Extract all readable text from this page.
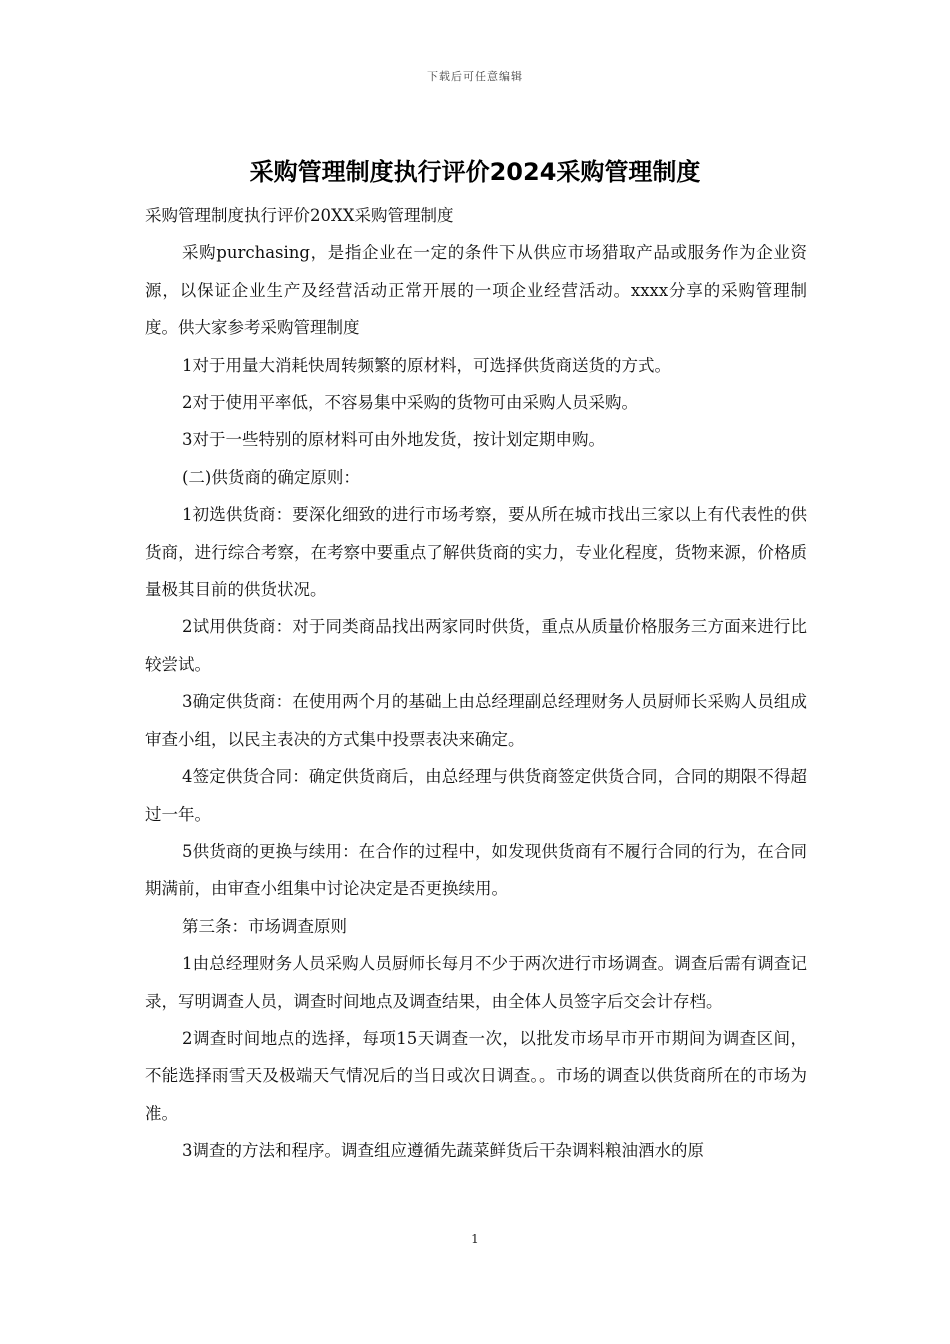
下载后可任意编辑
采购管理制度执行评价2024采购管理制度

采购管理制度执行评价20XX采购管理制度

采购purchasing，是指企业在一定的条件下从供应市场猎取产品或服务作为企业资源，以保证企业生产及经营活动正常开展的一项企业经营活动。xxxx分享的采购管理制度。供大家参考采购管理制度

1对于用量大消耗快周转频繁的原材料，可选择供货商送货的方式。

2对于使用平率低，不容易集中采购的货物可由采购人员采购。

3对于一些特别的原材料可由外地发货，按计划定期申购。

(二)供货商的确定原则：

1初选供货商：要深化细致的进行市场考察，要从所在城市找出三家以上有代表性的供货商，进行综合考察，在考察中要重点了解供货商的实力，专业化程度，货物来源，价格质量极其目前的供货状况。

2试用供货商：对于同类商品找出两家同时供货，重点从质量价格服务三方面来进行比较尝试。

3确定供货商：在使用两个月的基础上由总经理副总经理财务人员厨师长采购人员组成审查小组，以民主表决的方式集中投票表决来确定。

4签定供货合同：确定供货商后，由总经理与供货商签定供货合同，合同的期限不得超过一年。

5供货商的更换与续用：在合作的过程中，如发现供货商有不履行合同的行为，在合同期满前，由审查小组集中讨论决定是否更换续用。

第三条：市场调查原则

1由总经理财务人员采购人员厨师长每月不少于两次进行市场调查。调查后需有调查记录，写明调查人员，调查时间地点及调查结果，由全体人员签字后交会计存档。

2调查时间地点的选择，每项15天调查一次，以批发市场早市开市期间为调查区间，不能选择雨雪天及极端天气情况后的当日或次日调查。。市场的调查以供货商所在的市场为准。

3调查的方法和程序。调查组应遵循先蔬菜鲜货后干杂调料粮油酒水的原

1
